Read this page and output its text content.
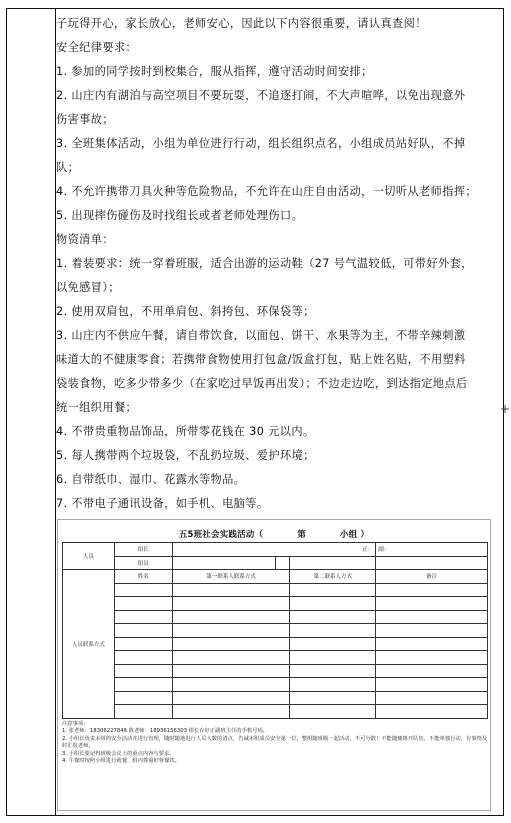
子玩得开心，家长放心，老师安心，因此以下内容很重要，请认真查阅！

安全纪律要求：

1. 参加的同学按时到校集合，服从指挥，遵守活动时间安排；

2. 山庄内有湖泊与高空项目不要玩耍，不追逐打闹，不大声喧哗，以免出现意外

伤害事故；

3. 全班集体活动，小组为单位进行行动，组长组织点名，小组成员站好队，不掉

队；

4. 不允许携带刀具火种等危险物品，不允许在山庄自由活动，一切听从老师指挥；

5. 出现摔伤碰伤及时找组长或者老师处理伤口。

物资清单：

1. 着装要求：统一穿着班服，适合出游的运动鞋（27 号气温较低，可带好外套，

以免感冒）；

2. 使用双肩包，不用单肩包、斜挎包、环保袋等；

3. 山庄内不供应午餐，请自带饮食，以面包、饼干、水果等为主，不带辛辣刺激

味道大的不健康零食；若携带食物使用打包盒/饭盒打包，贴上姓名贴，不用塑料

袋装食物，吃多少带多少（在家吃过早饭再出发）；不边走边吃，到达指定地点后

统一组织用餐；

4. 不带贵重物品饰品，所带零花钱在 30 元以内。

5. 每人携带两个垃圾袋，不乱扔垃圾、爱护环境；

6. 自带纸巾、湿巾、花露水等物品。

7. 不带电子通讯设备，如手机、电脑等。

+
五5班社会实践活动（	第	小组 ）
人员	组长	正：			副：
	组员				
人员联系方式	姓名	第一联系人联系方式		第二联系人方式	备注

注意事项：
1. 张老师：18306227846 陈老师：18936156303 组长存好正副班主任的手机号码。
2. 小组长负责本组的安全活动并进行管理，随时随地进行人员人数的清点，告诫本组成员安全第一位，整组随班级一起活动，不可分散！不能随便离开队伍，不能单独行动，有事情及时汇报老师。
3. 小组长要记得班级会议上的重点内容与要求。
4. 午餐时按照小组进行就餐，组内尊重好督餐饮。
